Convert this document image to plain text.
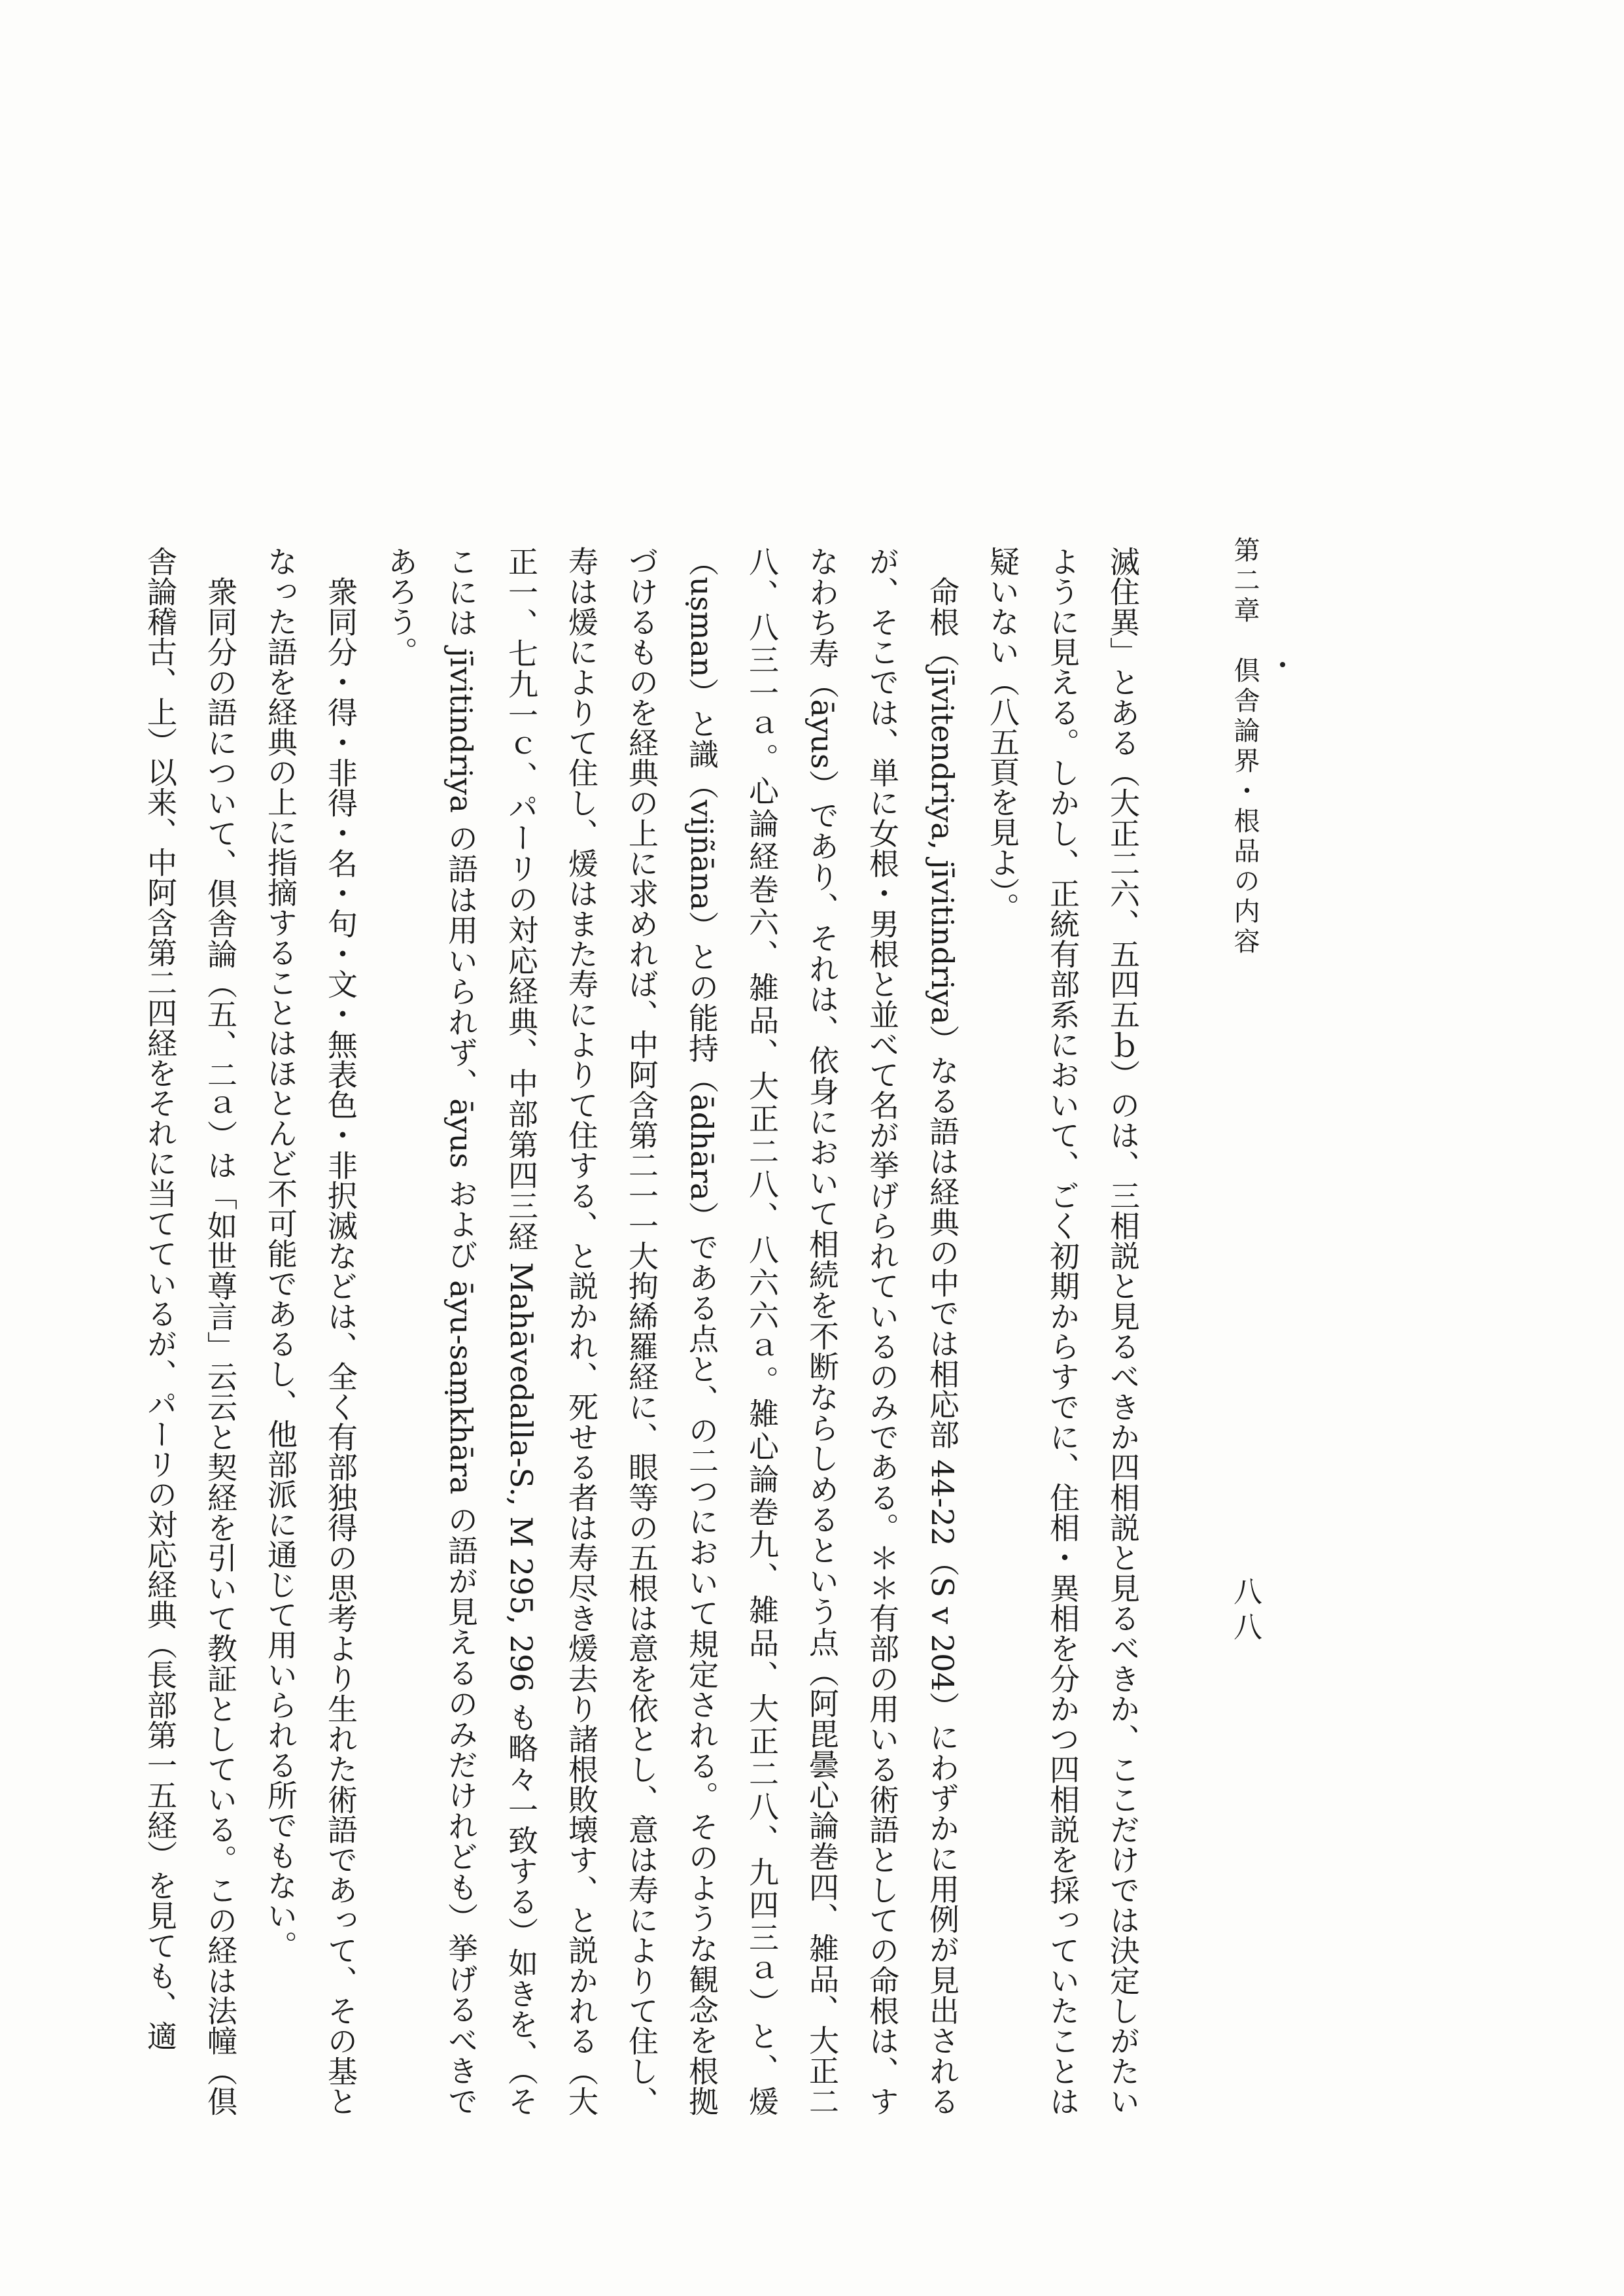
第二章　倶舎論界・根品の内容
八八

滅住異」とある（大正二六、五四五ｂ）のは、三相説と見るべきか四相説と見るべきか、ここだけでは決定しがたいように見える。しかし、正統有部系において、ごく初期からすでに、住相・異相を分かつ四相説を採っていたことは疑いない（八五頁を見よ）。

命根（jīvitendriya, jīvitindriya）なる語は経典の中では相応部 44-22（S v 204）にわずかに用例が見出されるが、そこでは、単に女根・男根と並べて名が挙げられているのみである。＊＊有部の用いる術語としての命根は、すなわち寿（āyus）であり、それは、依身において相続を不断ならしめるという点（阿毘曇心論巻四、雑品、大正二八、八三一ａ。心論経巻六、雑品、大正二八、八六六ａ。雑心論巻九、雑品、大正二八、九四三ａ）と、煖（uṣman）と識（vijñāna）との能持（ādhāra）である点と、の二つにおいて規定される。そのような観念を根拠づけるものを経典の上に求めれば、中阿含第二一一大拘絺羅経に、眼等の五根は意を依とし、意は寿によりて住し、寿は煖によりて住し、煖はまた寿によりて住する、と説かれ、死せる者は寿尽き煖去り諸根敗壊す、と説かれる（大正一、七九一ｃ、パーリの対応経典、中部第四三経 Mahāvedalla-S., M 295, 296 も略々一致する）如きを、（そこには jīvitindriya の語は用いられず、āyus および āyu-saṃkhāra の語が見えるのみだけれども）挙げるべきであろう。

衆同分・得・非得・名・句・文・無表色・非択滅などは、全く有部独得の思考より生れた術語であって、その基となった語を経典の上に指摘することはほとんど不可能であるし、他部派に通じて用いられる所でもない。

衆同分の語について、倶舎論（五、二ａ）は「如世尊言」云云と契経を引いて教証としている。この経は法幢（倶舎論稽古、上）以来、中阿含第二四経をそれに当てているが、パーリの対応経典（長部第一五経）を見ても、適
